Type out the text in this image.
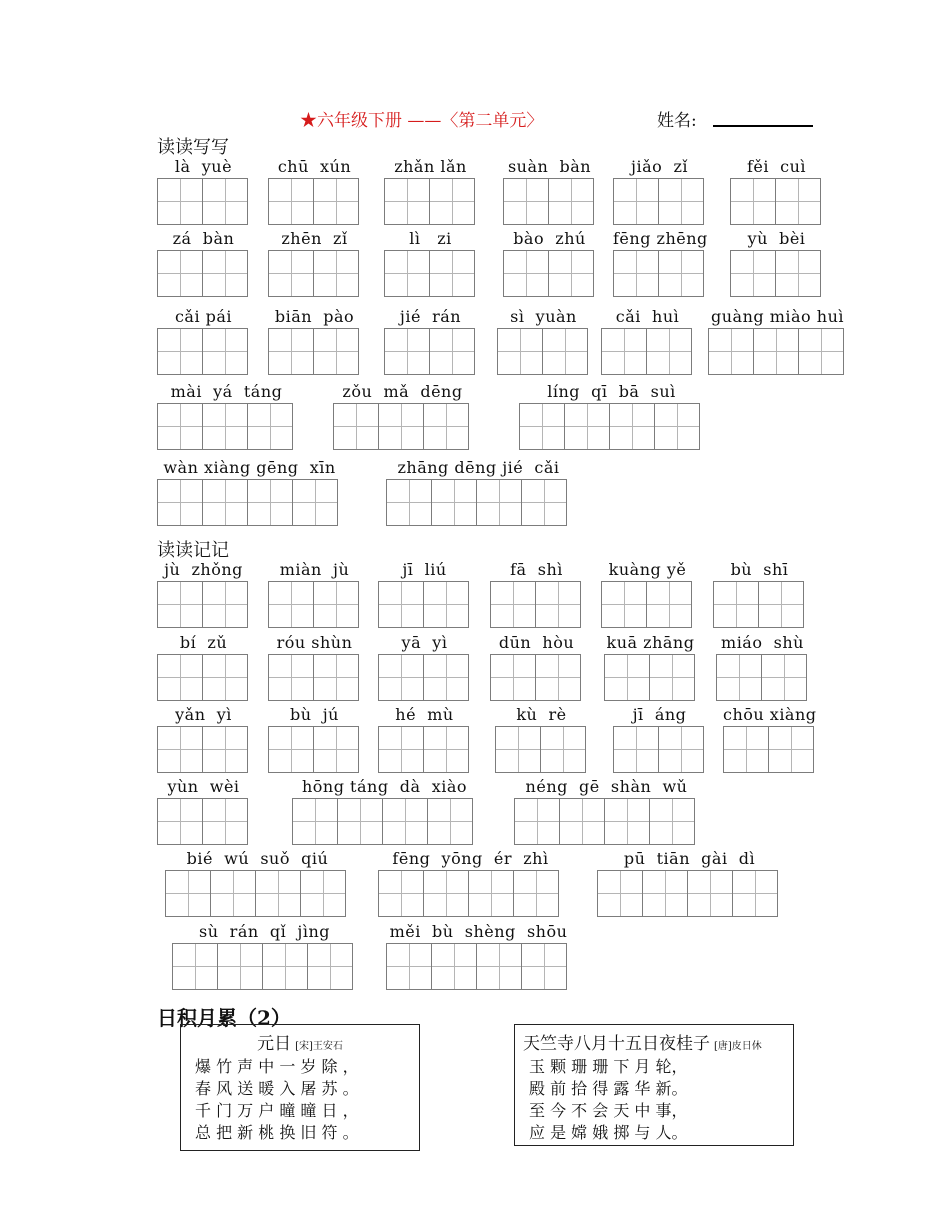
★六年级下册 ——〈第二单元〉	姓名:
读读写写
读读记记
日积月累（2）
là  yuè	chū  xún	zhǎn lǎn	suàn  bàn	jiǎo  zǐ	fěi  cuì
zá  bàn	zhēn  zǐ	lì   zi	bào  zhú	fēng zhēng	yù  bèi
cǎi pái	biān  pào	jié  rán	sì  yuàn	cǎi  huì	guàng miào huì
mài  yá  táng	zǒu  mǎ  dēng	líng  qī  bā  suì
wàn xiàng gēng  xīn	zhāng dēng jié  cǎi
jù  zhǒng	miàn  jù	jī  liú	fā  shì	kuàng yě	bù  shī
bí  zǔ	róu shùn	yā  yì	dūn  hòu	kuā zhāng	miáo  shù
yǎn  yì	bù  jú	hé  mù	kù  rè	jī  áng	chōu xiàng
yùn  wèi	hōng táng  dà  xiào	néng  gē  shàn  wǔ
bié  wú  suǒ  qiú	fēng  yōng  ér  zhì	pū  tiān  gài  dì
sù  rán  qǐ  jìng	měi  bù  shèng  shōu
元日 [宋]王安石
爆 竹 声 中 一 岁 除 ，
春 风 送 暖 入 屠 苏 。
千 门 万 户 曈 曈 日 ，
总 把 新 桃 换 旧 符 。
天竺寺八月十五日夜桂子 [唐]皮日休
玉 颗 珊 珊 下 月 轮，
殿 前 拾 得 露 华 新。
至 今 不 会 天 中 事，
应 是 嫦 娥 掷 与 人。
